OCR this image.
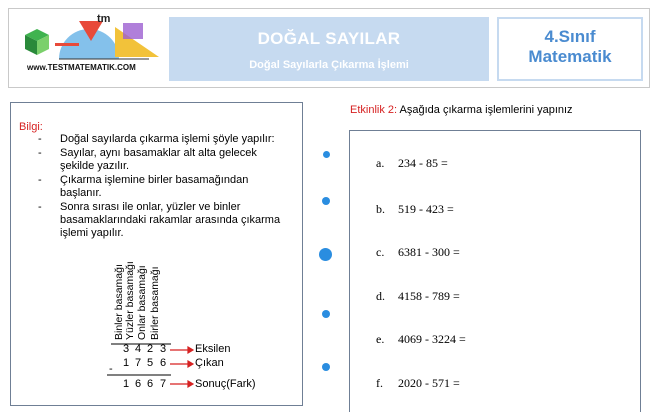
tm
www.TESTMATEMATIK.COM
DOĞAL SAYILAR
Doğal Sayılarla Çıkarma İşlemi
4.Sınıf
Matematik
Bilgi:
- Doğal sayılarda çıkarma işlemi şöyle yapılır:
- Sayılar, aynı basamaklar alt alta gelecek şekilde yazılır.
- Çıkarma işlemine birler basamağından başlanır.
- Sonra sırası ile onlar, yüzler ve binler basamaklarındaki rakamlar arasında çıkarma işlemi yapılır.
Binler basamağı Yüzler basamağı Onlar basamağı Birler basamağı
3 4 2 3	Eksilen
- 1 7 5 6	Çıkan
1 6 6 7	Sonuç(Fark)
Etkinlik 2: Aşağıda çıkarma işlemlerini yapınız
a. 234 - 85 =
b. 519 - 423 =
c. 6381 - 300 =
d. 4158 - 789 =
e. 4069 - 3224 =
f. 2020 - 571 =
